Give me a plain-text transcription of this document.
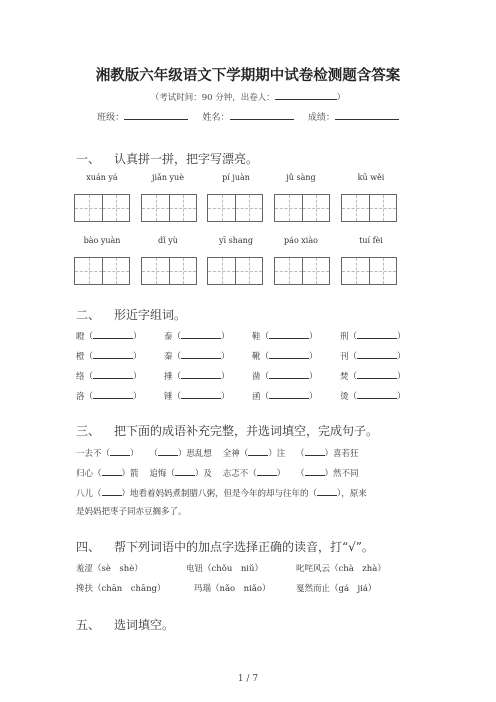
湘教版六年级语文下学期期中试卷检测题含答案
（考试时间：90 分钟，出卷人：	）
班级：	姓名：	成绩：
一、 认真拼一拼，把字写漂亮。
xuán yá	jiǎn yuè	pí juàn	jǔ sàng	kū wěi
bào yuàn	dǐ yù	yī shang	páo xiào	tuí fèi
二、 形近字组词。
瞪（	）	泰（	）	鞋（	）	刑（	）
橙（	）	秦（	）	靴（	）	刊（	）
络（	）	捶（	）	凿（	）	焚（	）
洛（	）	锤（	）	函（	）	烫（	）
三、 把下面的成语补充完整，并选词填空，完成句子。
一去不（ ） （ ）思乱想 全神（ ）注 （ ）喜若狂
归心（ ）箭 追悔（ ）及 志忑不（ ） （ ）然不同
八儿（ ）地看着妈妈煮制腊八粥，但是今年的却与往年的（ ），原来
是妈妈把枣子同赤豆搁多了。
四、 帮下列词语中的加点字选择正确的读音，打“√”。
羞涩（sè　shè）	电钮（chǒu　niǔ）	叱咤风云（chà　zhà）
搀扶（chān　chāng）	玛瑙（nǎo　niǎo）	戛然而止（gá　jiá）
五、 选词填空。
1 / 7
